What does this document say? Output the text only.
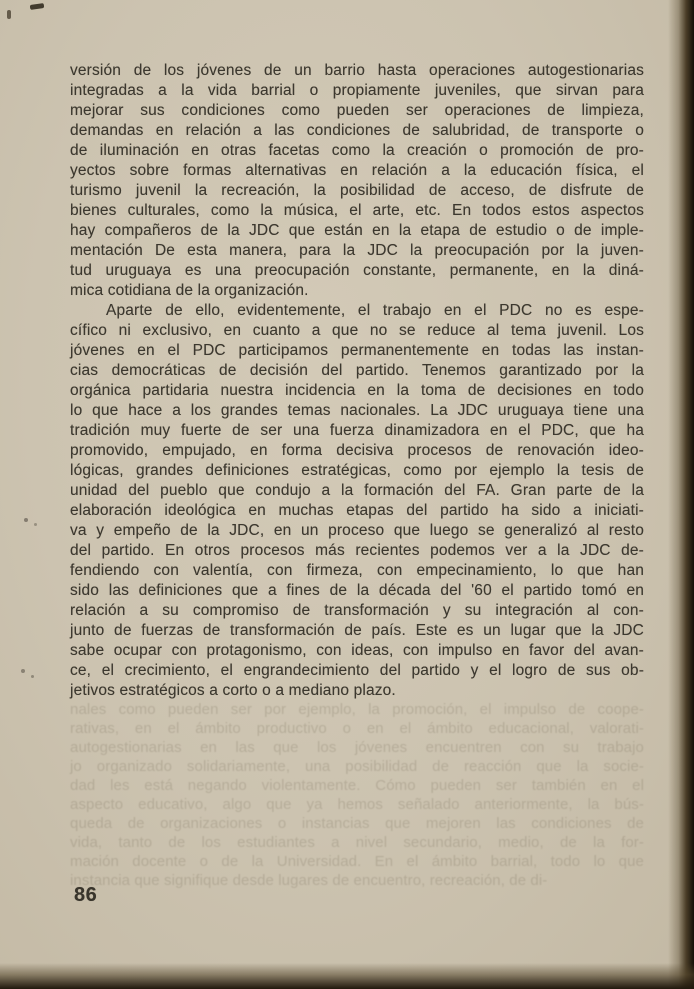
versión de los jóvenes de un barrio hasta operaciones autogestionarias
integradas a la vida barrial o propiamente juveniles, que sirvan para
mejorar sus condiciones como pueden ser operaciones de limpieza,
demandas en relación a las condiciones de salubridad, de transporte o
de iluminación en otras facetas como la creación o promoción de pro-
yectos sobre formas alternativas en relación a la educación física, el
turismo juvenil la recreación, la posibilidad de acceso, de disfrute de
bienes culturales, como la música, el arte, etc. En todos estos aspectos
hay compañeros de la JDC que están en la etapa de estudio o de imple-
mentación De esta manera, para la JDC la preocupación por la juven-
tud uruguaya es una preocupación constante, permanente, en la diná-
mica cotidiana de la organización.
Aparte de ello, evidentemente, el trabajo en el PDC no es espe-
cífico ni exclusivo, en cuanto a que no se reduce al tema juvenil. Los
jóvenes en el PDC participamos permanentemente en todas las instan-
cias democráticas de decisión del partido. Tenemos garantizado por la
orgánica partidaria nuestra incidencia en la toma de decisiones en todo
lo que hace a los grandes temas nacionales. La JDC uruguaya tiene una
tradición muy fuerte de ser una fuerza dinamizadora en el PDC, que ha
promovido, empujado, en forma decisiva procesos de renovación ideo-
lógicas, grandes definiciones estratégicas, como por ejemplo la tesis de
unidad del pueblo que condujo a la formación del FA. Gran parte de la
elaboración ideológica en muchas etapas del partido ha sido a iniciati-
va y empeño de la JDC, en un proceso que luego se generalizó al resto
del partido. En otros procesos más recientes podemos ver a la JDC de-
fendiendo con valentía, con firmeza, con empecinamiento, lo que han
sido las definiciones que a fines de la década del '60 el partido tomó en
relación a su compromiso de transformación y su integración al con-
junto de fuerzas de transformación de país. Este es un lugar que la JDC
sabe ocupar con protagonismo, con ideas, con impulso en favor del avan-
ce, el crecimiento, el engrandecimiento del partido y el logro de sus ob-
jetivos estratégicos a corto o a mediano plazo.
nales como pueden ser por ejemplo, la promoción, el impulso de coope-
rativas, en el ámbito productivo o en el ámbito educacional, valorati-
autogestionarias en las que los jóvenes encuentren con su trabajo
jo organizado solidariamente, una posibilidad de reacción que la socie-
dad les está negando violentamente. Cómo pueden ser también en el
aspecto educativo, algo que ya hemos señalado anteriormente, la bús-
queda de organizaciones o instancias que mejoren las condiciones de
vida, tanto de los estudiantes a nivel secundario, medio, de la for-
mación docente o de la Universidad. En el ámbito barrial, todo lo que
instancia que signifique desde lugares de encuentro, recreación, de di-
86
